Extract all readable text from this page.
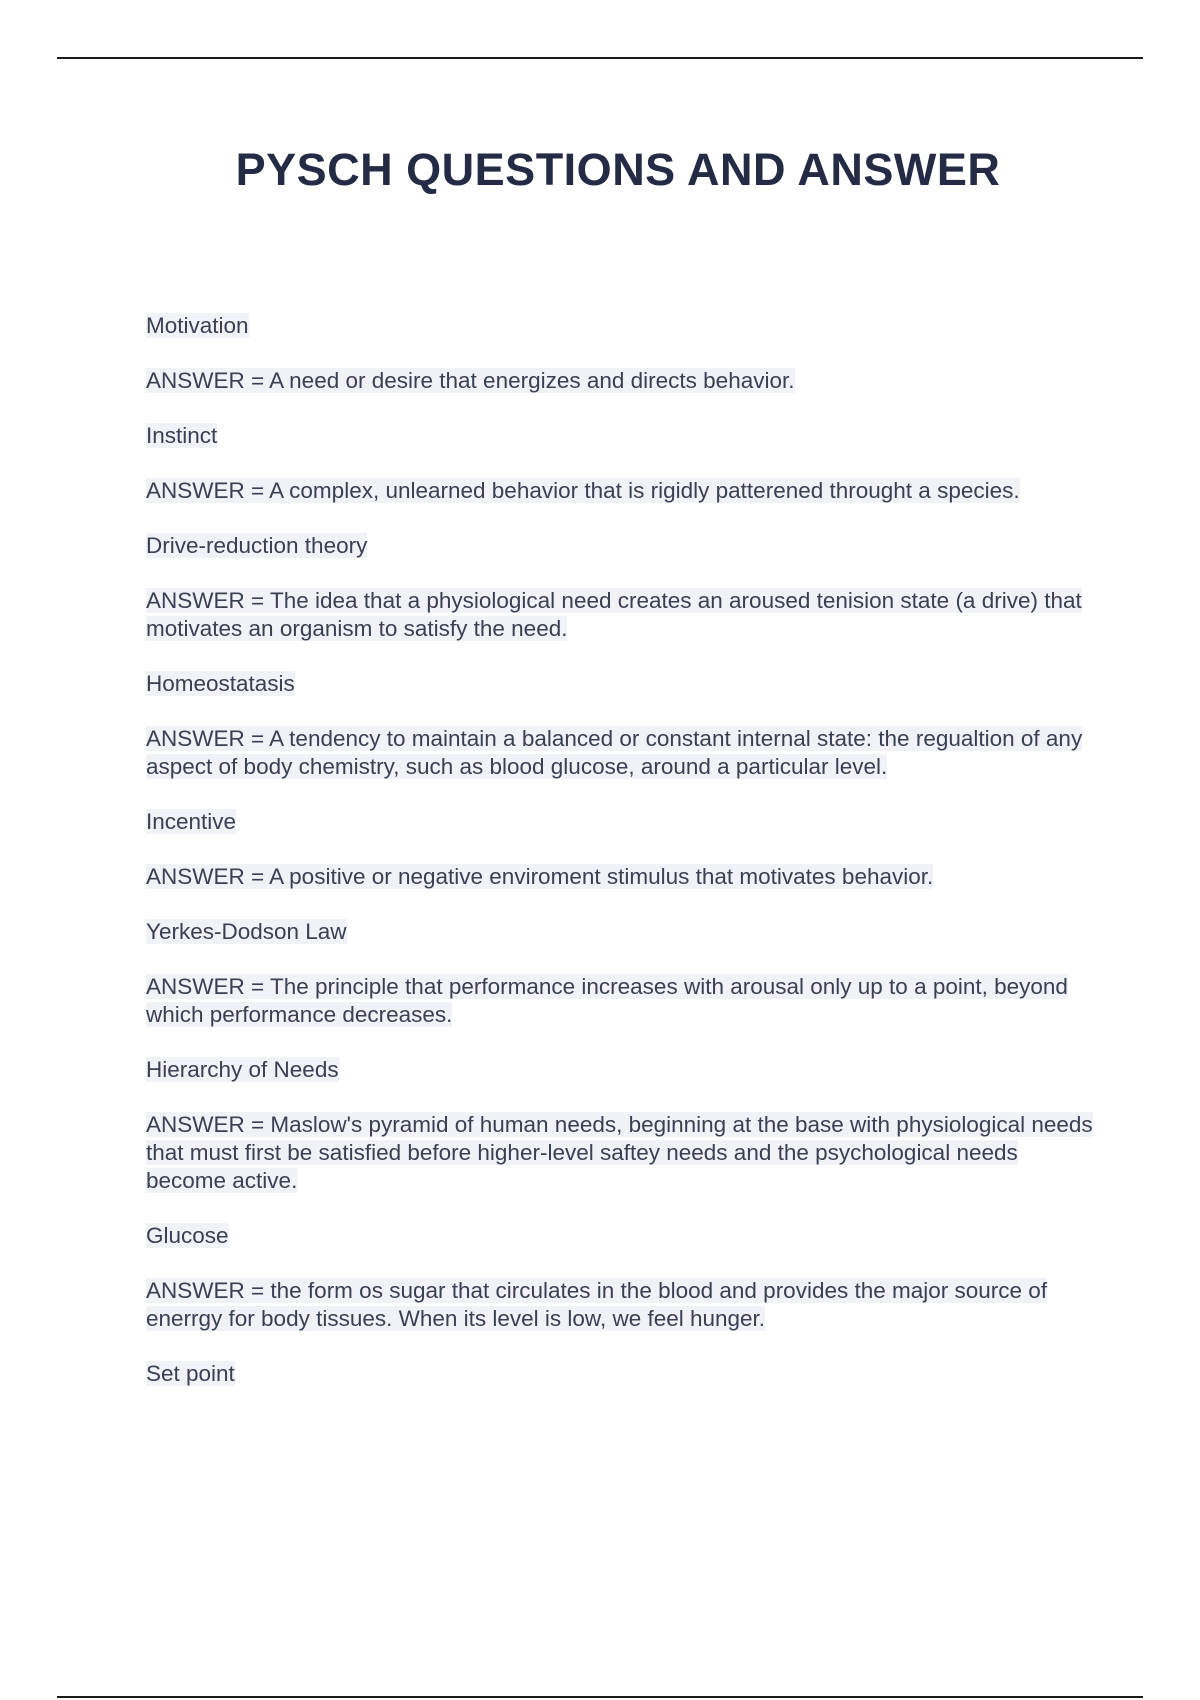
PYSCH QUESTIONS AND ANSWER

Motivation

ANSWER = A need or desire that energizes and directs behavior.

Instinct

ANSWER = A complex, unlearned behavior that is rigidly patterened throught a species.

Drive-reduction theory

ANSWER = The idea that a physiological need creates an aroused tenision state (a drive) that motivates an organism to satisfy the need.

Homeostatasis

ANSWER = A tendency to maintain a balanced or constant internal state: the regualtion of any aspect of body chemistry, such as blood glucose, around a particular level.

Incentive

ANSWER = A positive or negative enviroment stimulus that motivates behavior.

Yerkes-Dodson Law

ANSWER = The principle that performance increases with arousal only up to a point, beyond which performance decreases.

Hierarchy of Needs

ANSWER = Maslow's pyramid of human needs, beginning at the base with physiological needs that must first be satisfied before higher-level saftey needs and the psychological needs become active.

Glucose

ANSWER = the form os sugar that circulates in the blood and provides the major source of enerrgy for body tissues. When its level is low, we feel hunger.

Set point
